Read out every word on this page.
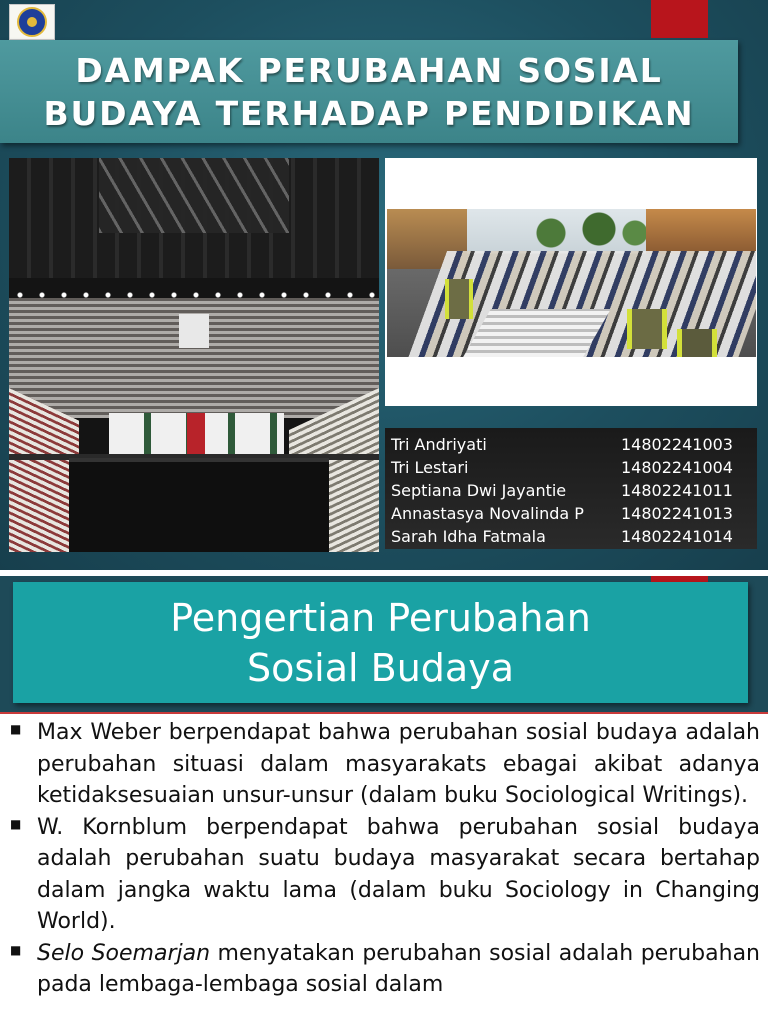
DAMPAK PERUBAHAN SOSIAL
BUDAYA TERHADAP PENDIDIKAN
Tri Andriyati	14802241003
Tri Lestari	14802241004
Septiana Dwi Jayantie	14802241011
Annastasya Novalinda P	14802241013
Sarah Idha Fatmala	14802241014
Pengertian Perubahan
Sosial Budaya
■
Max Weber berpendapat bahwa perubahan sosial budaya adalah perubahan situasi dalam masyarakats ebagai akibat adanya ketidaksesuaian unsur-unsur (dalam buku Sociological Writings).
■
W. Kornblum berpendapat bahwa perubahan sosial budaya adalah perubahan suatu budaya masyarakat secara bertahap dalam jangka waktu lama (dalam buku Sociology in Changing World).
■
Selo Soemarjan menyatakan perubahan sosial adalah perubahan pada lembaga-lembaga sosial dalam
